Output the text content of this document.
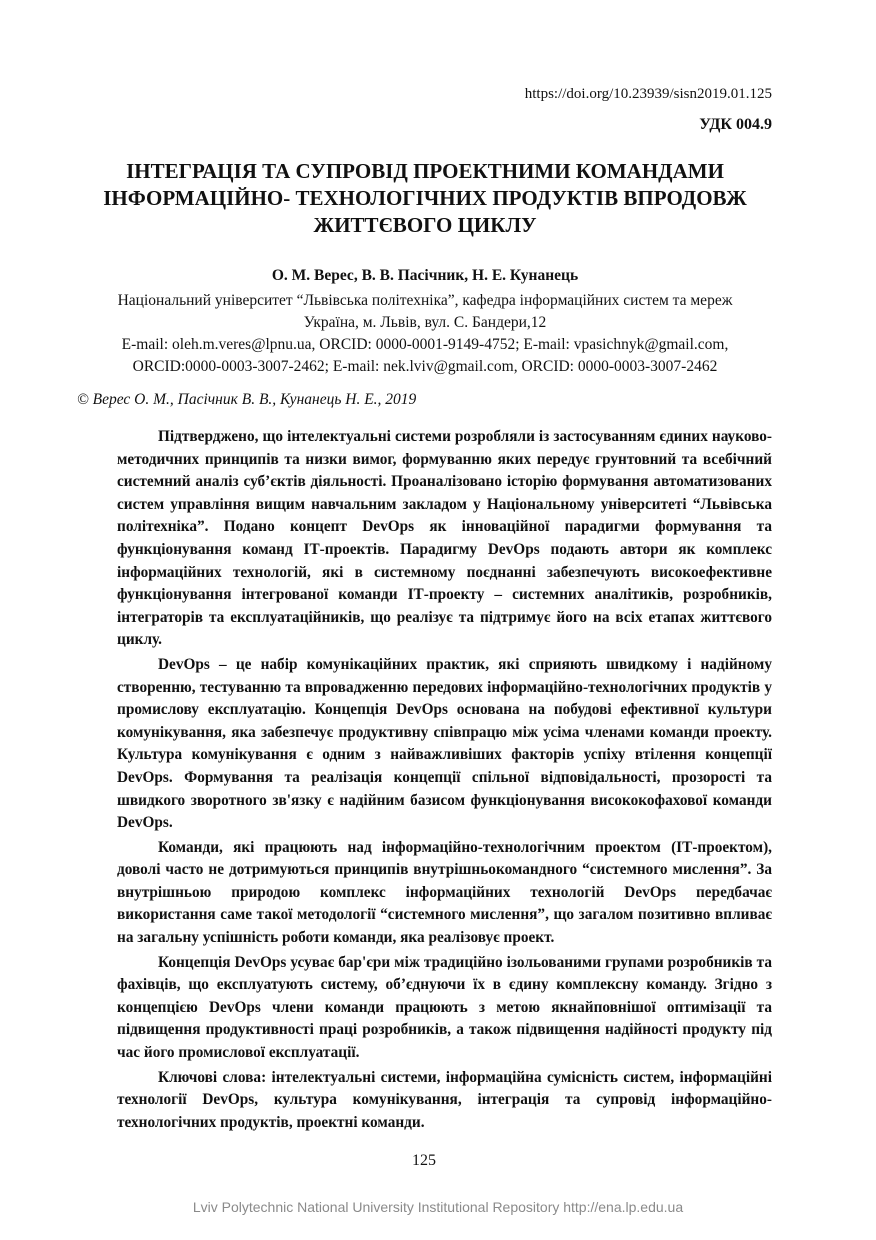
https://doi.org/10.23939/sisn2019.01.125
УДК 004.9
ІНТЕГРАЦІЯ ТА СУПРОВІД ПРОЕКТНИМИ КОМАНДАМИ
ІНФОРМАЦІЙНО- ТЕХНОЛОГІЧНИХ ПРОДУКТІВ ВПРОДОВЖ
ЖИТТЄВОГО ЦИКЛУ
О. М. Верес, В. В. Пасічник, Н. Е. Кунанець
Національний університет “Львівська політехніка”, кафедра інформаційних систем та мереж
Україна, м. Львів, вул. С. Бандери,12
E-mail: oleh.m.veres@lpnu.ua, ORCID: 0000-0001-9149-4752; E-mail: vpasichnyk@gmail.com,
ORCID:0000-0003-3007-2462; E-mail: nek.lviv@gmail.com, ORCID: 0000-0003-3007-2462
© Верес О. М., Пасічник В. В., Кунанець Н. Е., 2019

Підтверджено, що інтелектуальні системи розробляли із застосуванням єдиних науково-методичних принципів та низки вимог, формуванню яких передує грунтовний та всебічний системний аналіз суб’єктів діяльності. Проаналізовано історію формування автоматизованих систем управління вищим навчальним закладом у Національному університеті “Львівська політехніка”. Подано концепт DevOps як інноваційної парадигми формування та функціонування команд ІТ-проектів. Парадигму DevOps подають автори як комплекс інформаційних технологій, які в системному поєднанні забезпечують високоефективне функціонування інтегрованої команди ІТ-проекту – системних аналітиків, розробників, інтеграторів та експлуатаційників, що реалізує та підтримує його на всіх етапах життєвого циклу.

DevOps – це набір комунікаційних практик, які сприяють швидкому і надійному створенню, тестуванню та впровадженню передових інформаційно-технологічних продуктів у промислову експлуатацію. Концепція DevOps основана на побудові ефективної культури комунікування, яка забезпечує продуктивну співпрацю між усіма членами команди проекту. Культура комунікування є одним з найважливіших факторів успіху втілення концепції DevOps. Формування та реалізація концепції спільної відповідальності, прозорості та швидкого зворотного зв'язку є надійним базисом функціонування висококофахової команди DevOps.

Команди, які працюють над інформаційно-технологічним проектом (ІТ-проектом), доволі часто не дотримуються принципів внутрішньокомандного “системного мислення”. За внутрішньою природою комплекс інформаційних технологій DevOps передбачає використання саме такої методології “системного мислення”, що загалом позитивно впливає на загальну успішність роботи команди, яка реалізовує проект.

Концепція DevOps усуває бар'єри між традиційно ізольованими групами розробників та фахівців, що експлуатують систему, об’єднуючи їх в єдину комплексну команду. Згідно з концепцією DevOps члени команди працюють з метою якнайповнішої оптимізації та підвищення продуктивності праці розробників, а також підвищення надійності продукту під час його промислової експлуатації.

Ключові слова: інтелектуальні системи, інформаційна сумісність систем, інформаційні технології DevOps, культура комунікування, інтеграція та супровід інформаційно- технологічних продуктів, проектні команди.

125
Lviv Polytechnic National University Institutional Repository http://ena.lp.edu.ua
